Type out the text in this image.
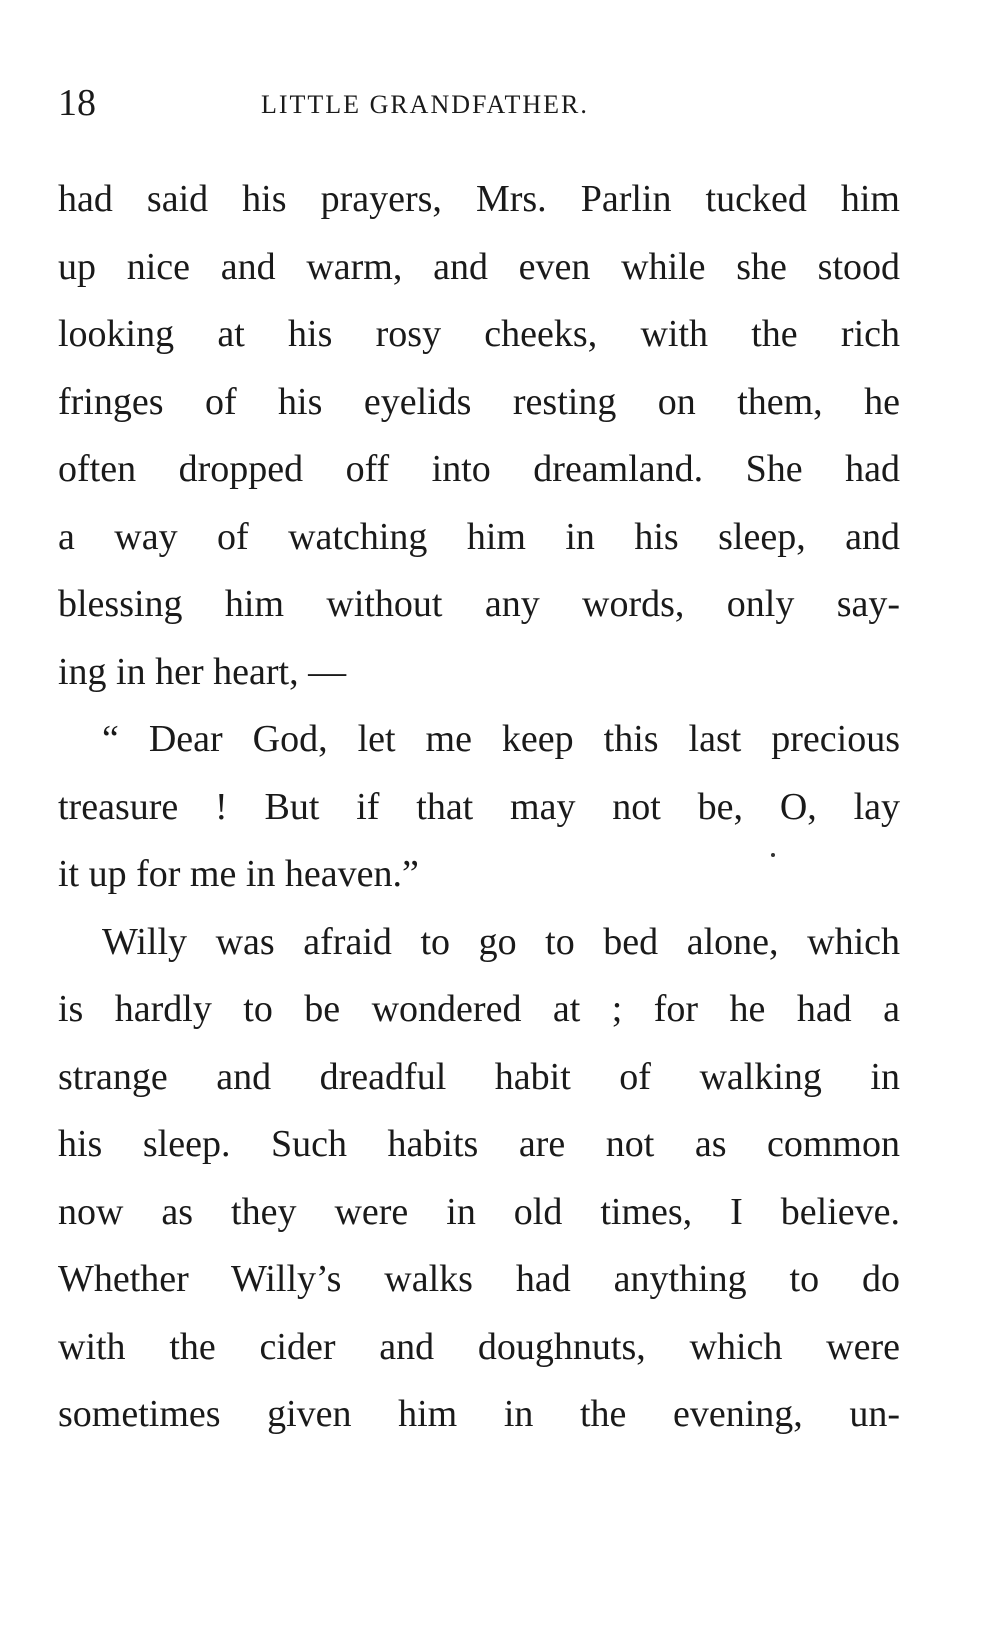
18	LITTLE GRANDFATHER.
had said his prayers, Mrs. Parlin tucked him
up nice and warm, and even while she stood
looking at his rosy cheeks, with the rich
fringes of his eyelids resting on them, he
often dropped off into dreamland. She had
a way of watching him in his sleep, and
blessing him without any words, only say-
ing in her heart, —
“ Dear God, let me keep this last precious
treasure ! But if that may not be, O, lay
it up for me in heaven.”
Willy was afraid to go to bed alone, which
is hardly to be wondered at ; for he had a
strange and dreadful habit of walking in
his sleep. Such habits are not as common
now as they were in old times, I believe.
Whether Willy’s walks had anything to do
with the cider and doughnuts, which were
sometimes given him in the evening, un-
